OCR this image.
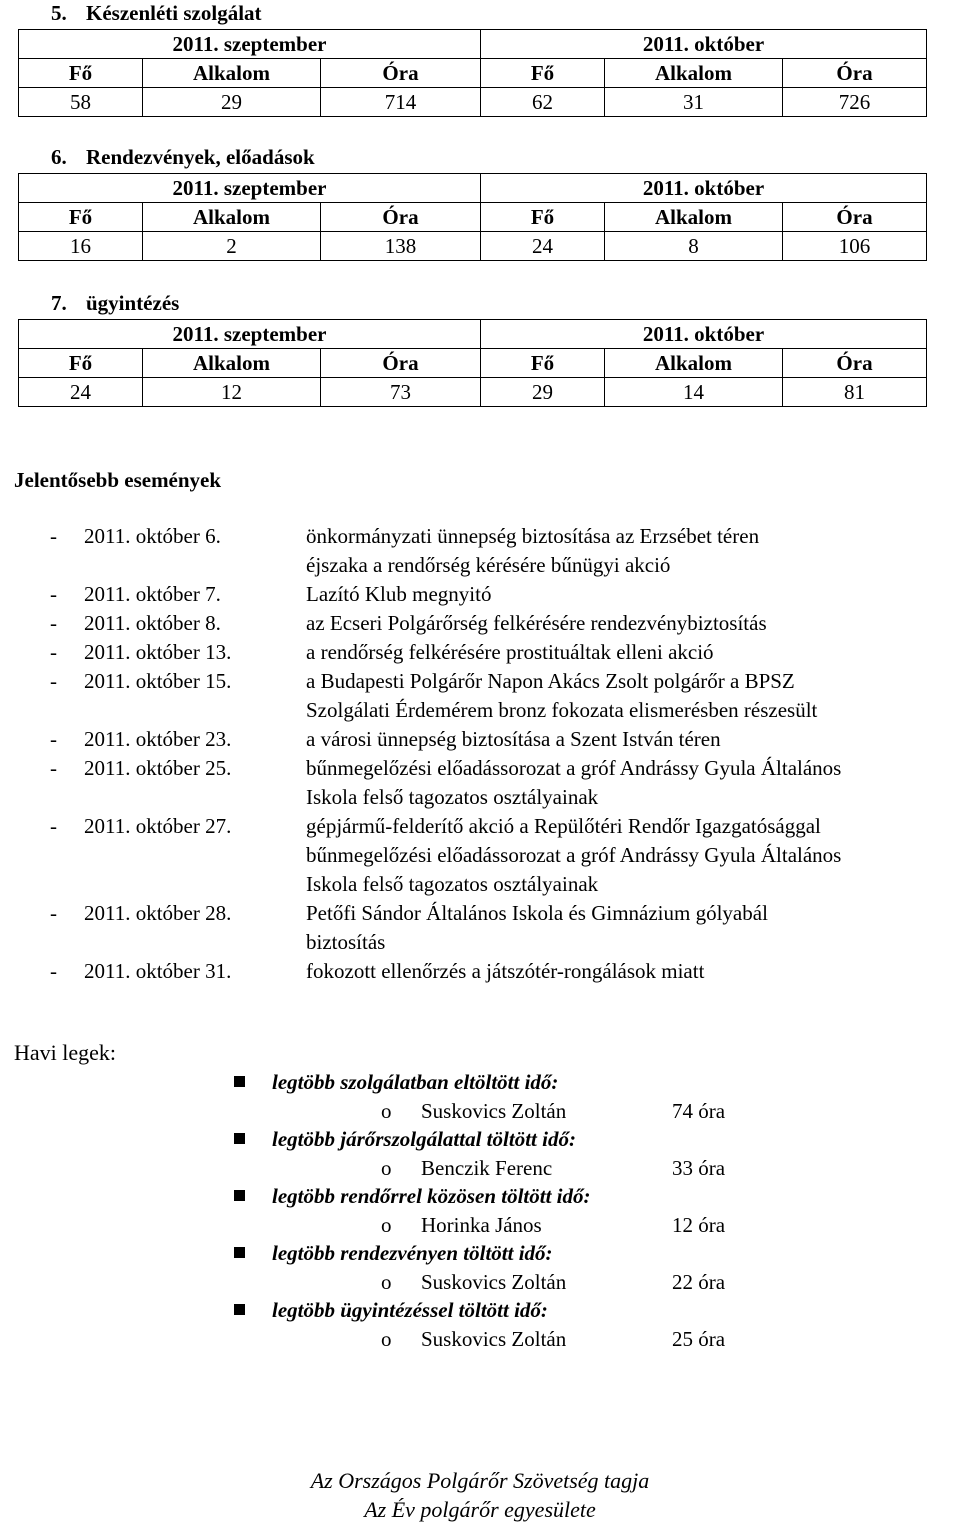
5. Készenléti szolgálat
2011. szeptember			2011. október		
Fő	Alkalom	Óra	Fő	Alkalom	Óra
58	29	714	62	31	726
6. Rendezvények, előadások
2011. szeptember			2011. október		
Fő	Alkalom	Óra	Fő	Alkalom	Óra
16	2	138	24	8	106
7. ügyintézés
2011. szeptember			2011. október		
Fő	Alkalom	Óra	Fő	Alkalom	Óra
24	12	73	29	14	81
Jelentősebb események
- 2011. október 6.	önkormányzati ünnepség biztosítása az Erzsébet téren
éjszaka a rendőrség kérésére bűnügyi akció
- 2011. október 7.	Lazító Klub megnyitó
- 2011. október 8.	az Ecseri Polgárőrség felkérésére rendezvénybiztosítás
- 2011. október 13.	a rendőrség felkérésére prostituáltak elleni akció
- 2011. október 15.	a Budapesti Polgárőr Napon Akács Zsolt polgárőr a BPSZ
Szolgálati Érdemérem bronz fokozata elismerésben részesült
- 2011. október 23.	a városi ünnepség biztosítása a Szent István téren
- 2011. október 25.	bűnmegelőzési előadássorozat a gróf Andrássy Gyula Általános
Iskola felső tagozatos osztályainak
- 2011. október 27.	gépjármű-felderítő akció a Repülőtéri Rendőr Igazgatósággal
bűnmegelőzési előadássorozat a gróf Andrássy Gyula Általános
Iskola felső tagozatos osztályainak
- 2011. október 28.	Petőfi Sándor Általános Iskola és Gimnázium gólyabál
biztosítás
- 2011. október 31.	fokozott ellenőrzés a játszótér-rongálások miatt
Havi legek:
legtöbb szolgálatban eltöltött idő:
o Suskovics Zoltán	74 óra
legtöbb járőrszolgálattal töltött idő:
o Benczik Ferenc	33 óra
legtöbb rendőrrel közösen töltött idő:
o Horinka János	12 óra
legtöbb rendezvényen töltött idő:
o Suskovics Zoltán	22 óra
legtöbb ügyintézéssel töltött idő:
o Suskovics Zoltán	25 óra
Az Országos Polgárőr Szövetség tagja
Az Év polgárőr egyesülete
